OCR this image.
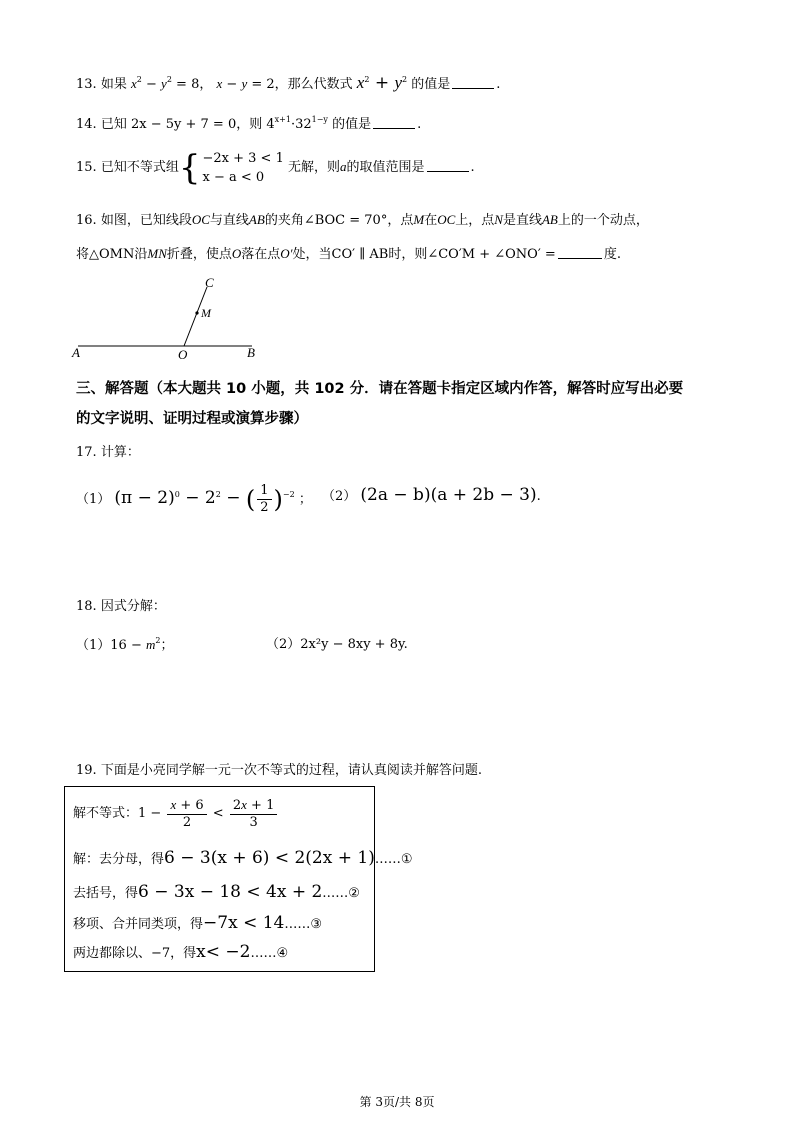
13. 如果 $x^2 - y^2 = 8$， x − y = 2，那么代数式 $x^2 + y^2$ 的值是	.
14. 已知 2x − 5y + 7 = 0，则 $4^{x+1}\cdot 32^{1-y}$ 的值是	.
15. 已知不等式组{ −2x + 3 < 1
x − a < 0
无解，则a的取值范围是	.
16. 如图，已知线段OC与直线AB的夹角∠BOC = 70°，点M在OC上，点N是直线AB上的一个动点，
将△OMN沿MN折叠，使点O落在点O′处，当CO′ ∥ AB时，则∠CO′M + ∠ONO′ =	度.
A	B
O
C
M
三、解答题（本大题共 10 小题，共 102 分．请在答题卡指定区域内作答，解答时应写出必要
的文字说明、证明过程或演算步骤）
17. 计算：
（1） $(\pi - 2)^0 - 2^2$ − ( $\frac{1}{2} )^{-2}$ ； （2） (2a − b)(a + 2b − 3).
18. 因式分解：
$(1)16 - m^2$；	（2）2x²y − 8xy + 8y.
19. 下面是小亮同学解一元一次不等式的过程，请认真阅读并解答问题.
解不等式：$1 - \frac{x + 6}{2} < \frac{2x + 1}{3}$
解：去分母，得6 − 3(x + 6) < 2(2x + 1)……①
去括号，得6 − 3x − 18 < 4x + 2……②
移项、合并同类项，得−7x < 14……③
两边都除以、−7，得x< −2……④
第 3页/共 8页
